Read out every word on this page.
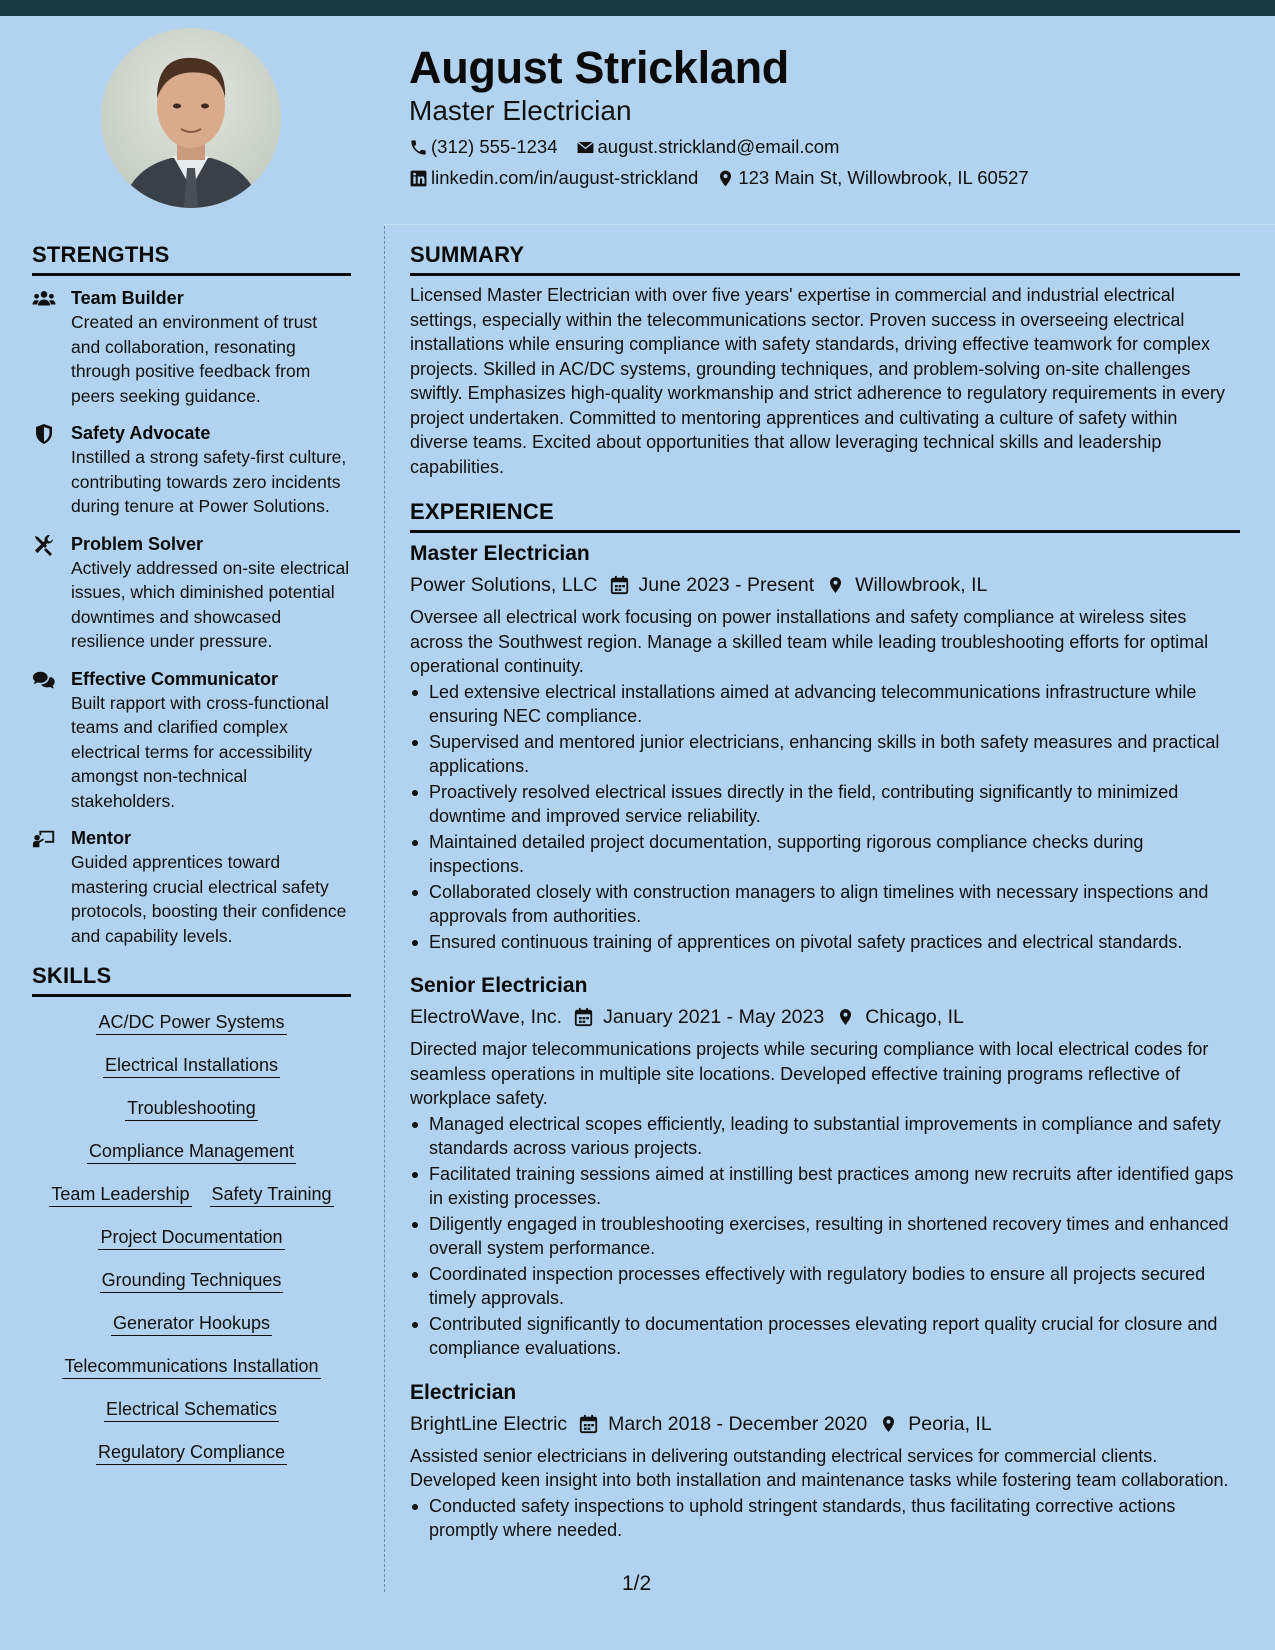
August Strickland
Master Electrician
(312) 555-1234 august.strickland@email.com
linkedin.com/in/august-strickland 123 Main St, Willowbrook, IL 60527
STRENGTHS
Team Builder
Created an environment of trust and collaboration, resonating through positive feedback from peers seeking guidance.
Safety Advocate
Instilled a strong safety-first culture, contributing towards zero incidents during tenure at Power Solutions.
Problem Solver
Actively addressed on-site electrical issues, which diminished potential downtimes and showcased resilience under pressure.
Effective Communicator
Built rapport with cross-functional teams and clarified complex electrical terms for accessibility amongst non-technical stakeholders.
Mentor
Guided apprentices toward mastering crucial electrical safety protocols, boosting their confidence and capability levels.
SKILLS
AC/DC Power Systems
Electrical Installations
Troubleshooting
Compliance Management
Team Leadership Safety Training
Project Documentation
Grounding Techniques
Generator Hookups
Telecommunications Installation
Electrical Schematics
Regulatory Compliance
SUMMARY
Licensed Master Electrician with over five years' expertise in commercial and industrial electrical settings, especially within the telecommunications sector. Proven success in overseeing electrical installations while ensuring compliance with safety standards, driving effective teamwork for complex projects. Skilled in AC/DC systems, grounding techniques, and problem-solving on-site challenges swiftly. Emphasizes high-quality workmanship and strict adherence to regulatory requirements in every project undertaken. Committed to mentoring apprentices and cultivating a culture of safety within diverse teams. Excited about opportunities that allow leveraging technical skills and leadership capabilities.
EXPERIENCE
Master Electrician
Power Solutions, LLC June 2023 - Present Willowbrook, IL
Oversee all electrical work focusing on power installations and safety compliance at wireless sites across the Southwest region. Manage a skilled team while leading troubleshooting efforts for optimal operational continuity.
Led extensive electrical installations aimed at advancing telecommunications infrastructure while ensuring NEC compliance.
Supervised and mentored junior electricians, enhancing skills in both safety measures and practical applications.
Proactively resolved electrical issues directly in the field, contributing significantly to minimized downtime and improved service reliability.
Maintained detailed project documentation, supporting rigorous compliance checks during inspections.
Collaborated closely with construction managers to align timelines with necessary inspections and approvals from authorities.
Ensured continuous training of apprentices on pivotal safety practices and electrical standards.
Senior Electrician
ElectroWave, Inc. January 2021 - May 2023 Chicago, IL
Directed major telecommunications projects while securing compliance with local electrical codes for seamless operations in multiple site locations. Developed effective training programs reflective of workplace safety.
Managed electrical scopes efficiently, leading to substantial improvements in compliance and safety standards across various projects.
Facilitated training sessions aimed at instilling best practices among new recruits after identified gaps in existing processes.
Diligently engaged in troubleshooting exercises, resulting in shortened recovery times and enhanced overall system performance.
Coordinated inspection processes effectively with regulatory bodies to ensure all projects secured timely approvals.
Contributed significantly to documentation processes elevating report quality crucial for closure and compliance evaluations.
Electrician
BrightLine Electric March 2018 - December 2020 Peoria, IL
Assisted senior electricians in delivering outstanding electrical services for commercial clients. Developed keen insight into both installation and maintenance tasks while fostering team collaboration.
Conducted safety inspections to uphold stringent standards, thus facilitating corrective actions promptly where needed.
1/2
